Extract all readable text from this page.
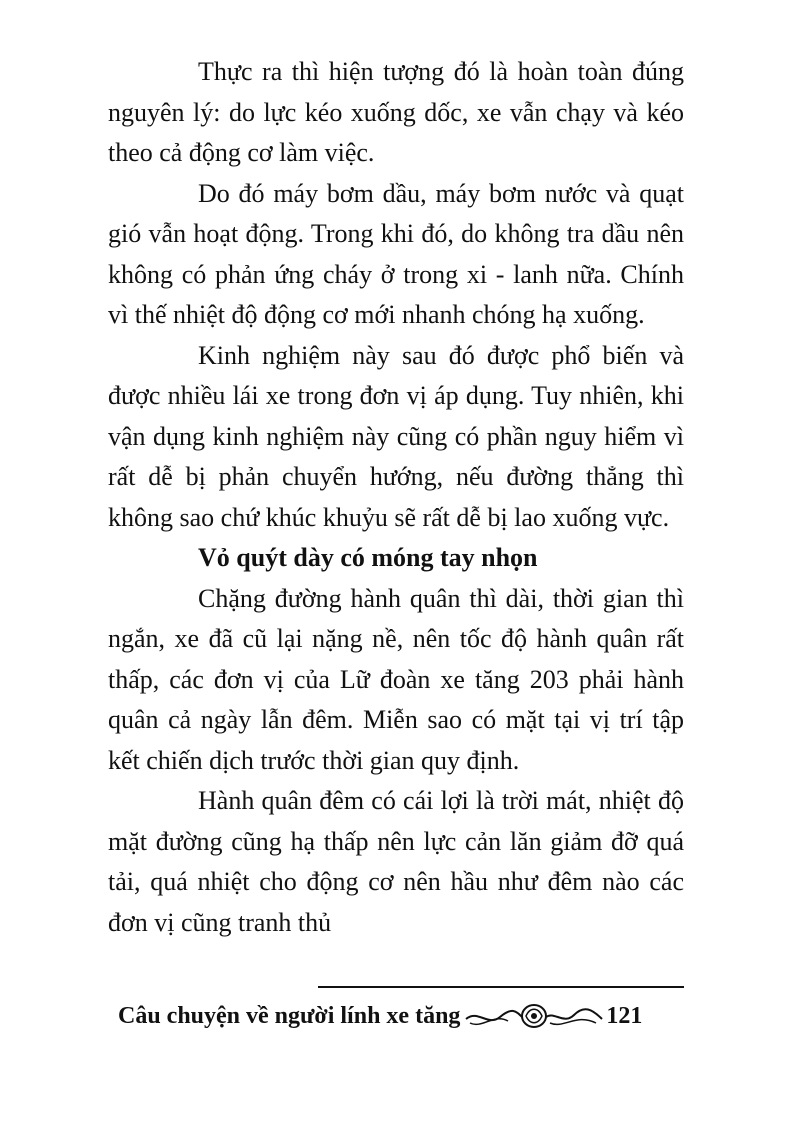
Thực ra thì hiện tượng đó là hoàn toàn đúng nguyên lý: do lực kéo xuống dốc, xe vẫn chạy và kéo theo cả động cơ làm việc.

Do đó máy bơm dầu, máy bơm nước và quạt gió vẫn hoạt động. Trong khi đó, do không tra dầu nên không có phản ứng cháy ở trong xi - lanh nữa. Chính vì thế nhiệt độ động cơ mới nhanh chóng hạ xuống.

Kinh nghiệm này sau đó được phổ biến và được nhiều lái xe trong đơn vị áp dụng. Tuy nhiên, khi vận dụng kinh nghiệm này cũng có phần nguy hiểm vì rất dễ bị phản chuyển hướng, nếu đường thẳng thì không sao chứ khúc khuỷu sẽ rất dễ bị lao xuống vực.

Vỏ quýt dày có móng tay nhọn

Chặng đường hành quân thì dài, thời gian thì ngắn, xe đã cũ lại nặng nề, nên tốc độ hành quân rất thấp, các đơn vị của Lữ đoàn xe tăng 203 phải hành quân cả ngày lẫn đêm. Miễn sao có mặt tại vị trí tập kết chiến dịch trước thời gian quy định.

Hành quân đêm có cái lợi là trời mát, nhiệt độ mặt đường cũng hạ thấp nên lực cản lăn giảm đỡ quá tải, quá nhiệt cho động cơ nên hầu như đêm nào các đơn vị cũng tranh thủ

Câu chuyện về người lính xe tăng	121
